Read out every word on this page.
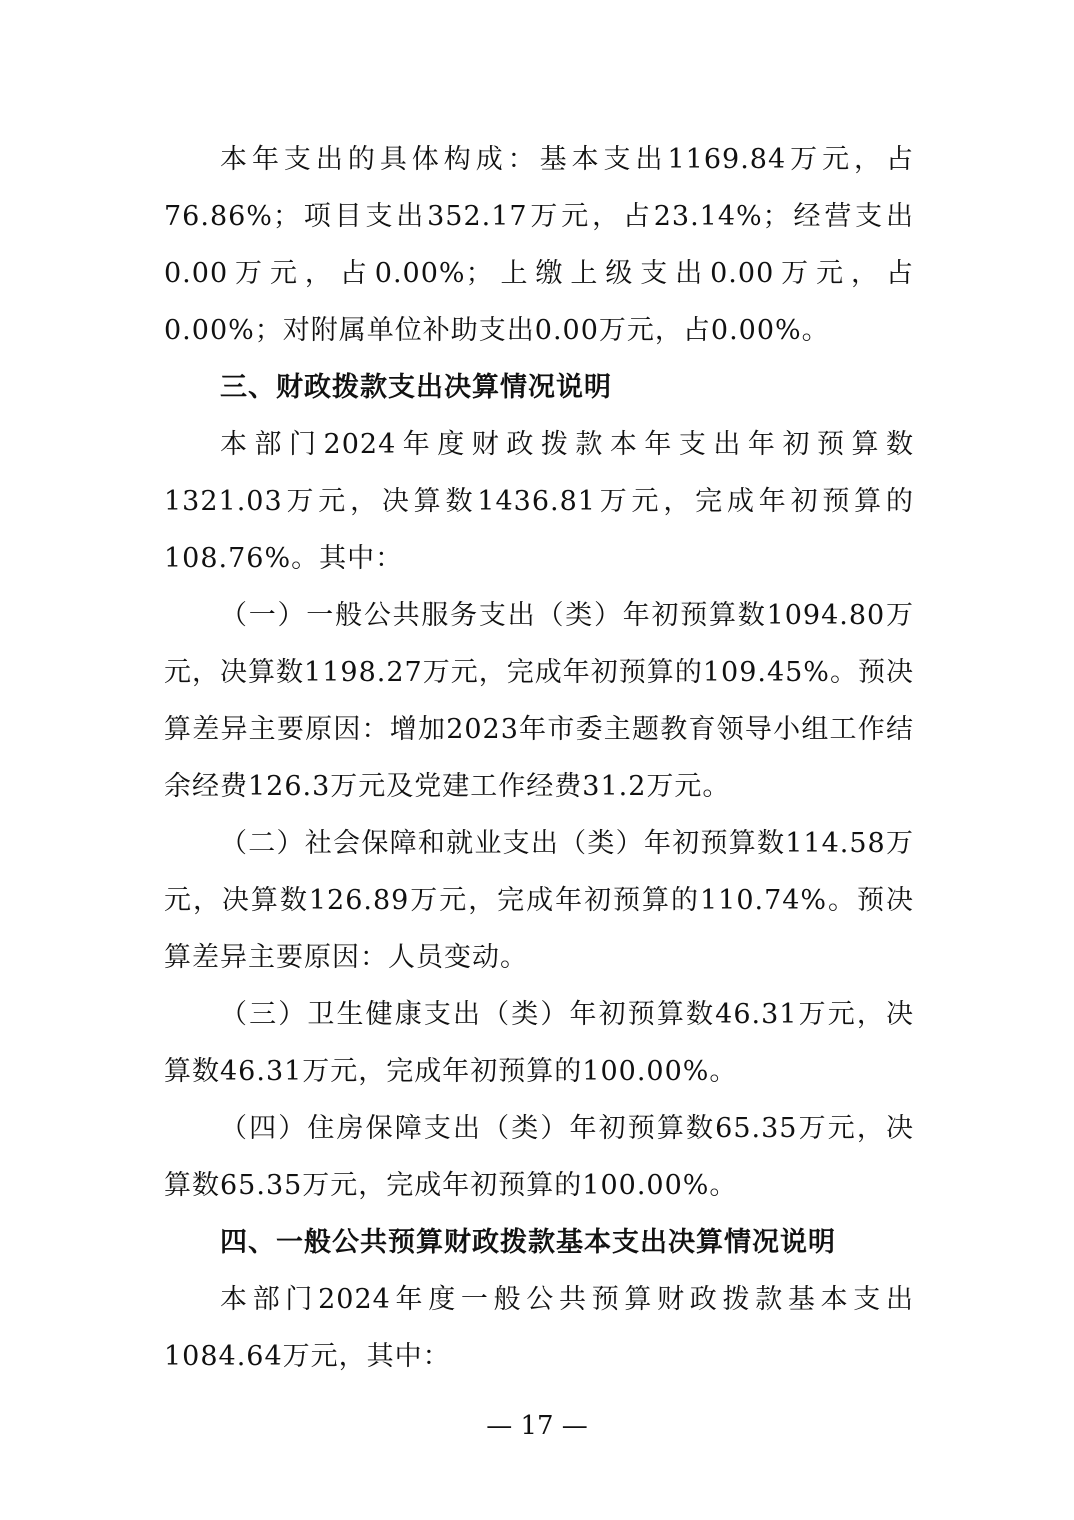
本年支出的具体构成：基本支出1169.84万元，占76.86%；项目支出352.17万元，占23.14%；经营支出0.00万元，占0.00%；上缴上级支出0.00万元，占0.00%；对附属单位补助支出0.00万元，占0.00%。

三、财政拨款支出决算情况说明

本部门2024年度财政拨款本年支出年初预算数1321.03万元，决算数1436.81万元，完成年初预算的108.76%。其中：

（一）一般公共服务支出（类）年初预算数1094.80万元，决算数1198.27万元，完成年初预算的109.45%。预决算差异主要原因：增加2023年市委主题教育领导小组工作结余经费126.3万元及党建工作经费31.2万元。

（二）社会保障和就业支出（类）年初预算数114.58万元，决算数126.89万元，完成年初预算的110.74%。预决算差异主要原因：人员变动。

（三）卫生健康支出（类）年初预算数46.31万元，决算数46.31万元，完成年初预算的100.00%。

（四）住房保障支出（类）年初预算数65.35万元，决算数65.35万元，完成年初预算的100.00%。

四、一般公共预算财政拨款基本支出决算情况说明

本部门2024年度一般公共预算财政拨款基本支出1084.64万元，其中：

— 17 —
